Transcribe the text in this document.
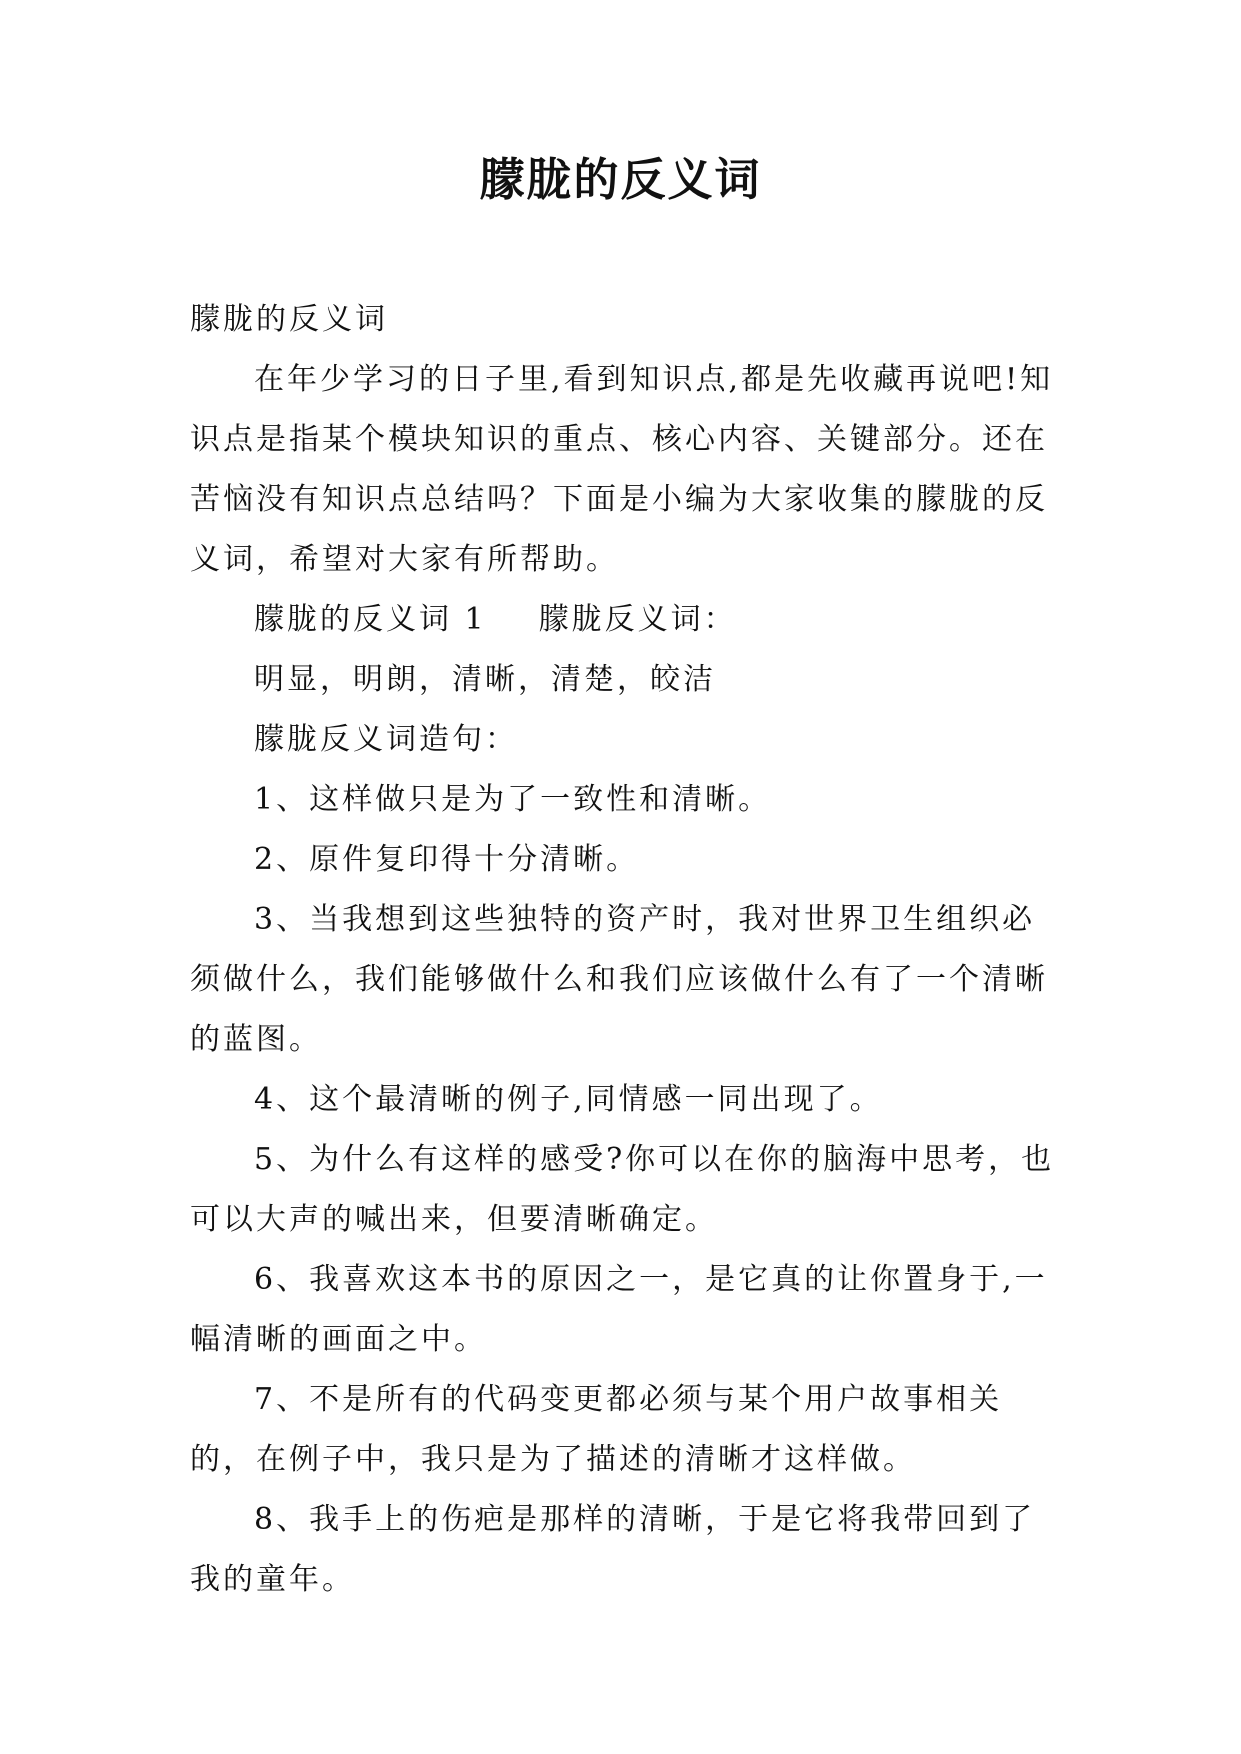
朦胧的反义词

朦胧的反义词

在年少学习的日子里,看到知识点,都是先收藏再说吧!知识点是指某个模块知识的重点、核心内容、关键部分。还在苦恼没有知识点总结吗？下面是小编为大家收集的朦胧的反义词，希望对大家有所帮助。

朦胧的反义词 1 朦胧反义词：

明显，明朗，清晰，清楚，皎洁

朦胧反义词造句：

1、这样做只是为了一致性和清晰。

2、原件复印得十分清晰。

3、当我想到这些独特的资产时，我对世界卫生组织必须做什么，我们能够做什么和我们应该做什么有了一个清晰的蓝图。

4、这个最清晰的例子,同情感一同出现了。

5、为什么有这样的感受?你可以在你的脑海中思考，也可以大声的喊出来，但要清晰确定。

6、我喜欢这本书的原因之一，是它真的让你置身于,一幅清晰的画面之中。

7、不是所有的代码变更都必须与某个用户故事相关的，在例子中，我只是为了描述的清晰才这样做。

8、我手上的伤疤是那样的清晰，于是它将我带回到了我的童年。
